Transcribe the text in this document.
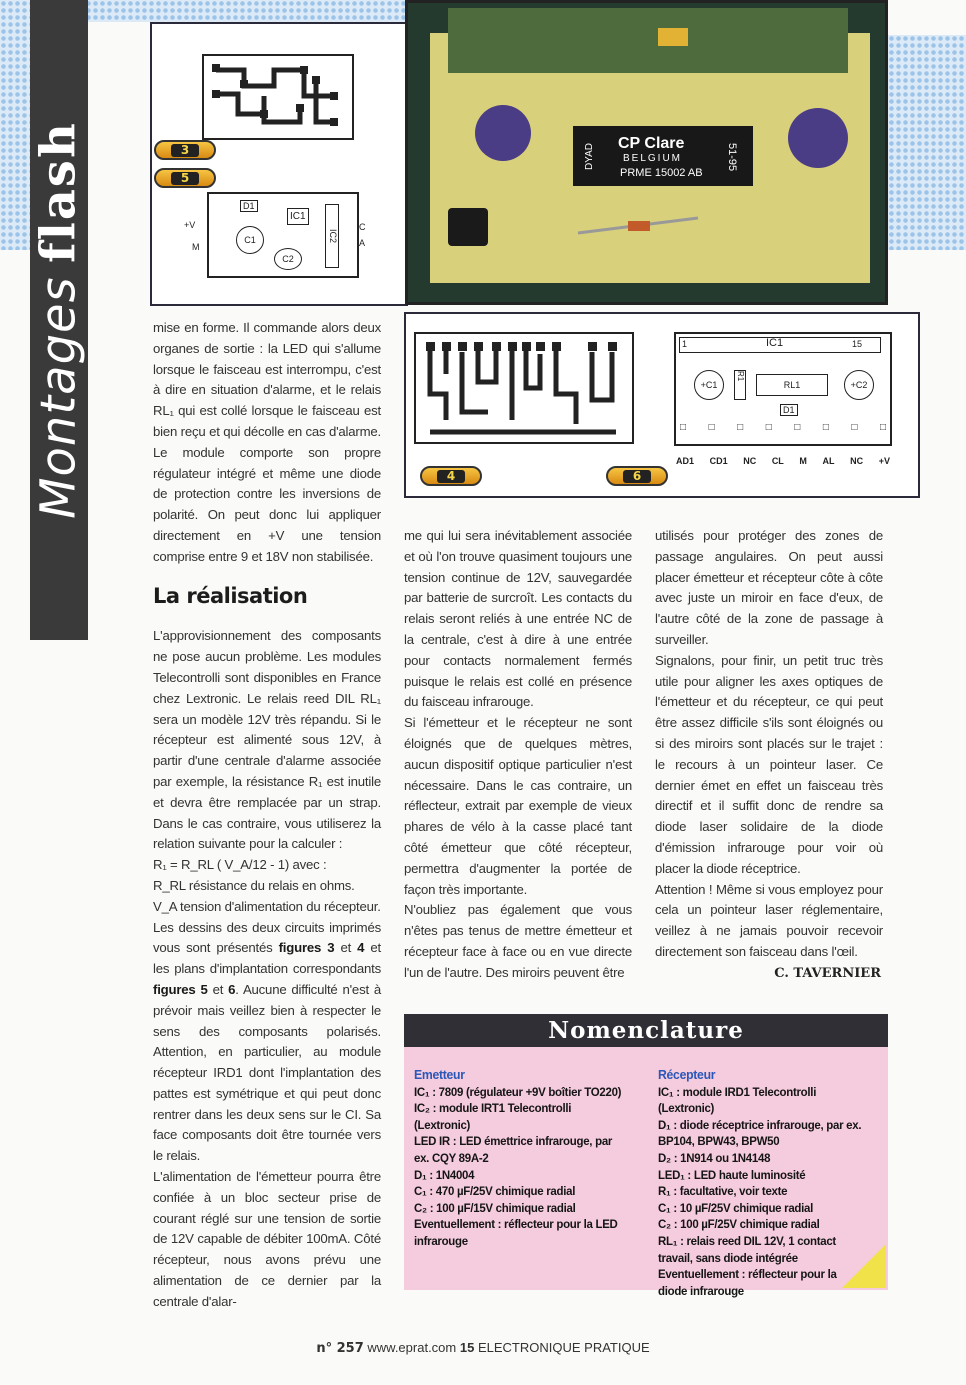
Montages flash	3
5
+V
M
C
A
D1
IC1
IC2
C1
C2
CP Clare
BELGIUM
PRME 15002 AB
51-95
DYAD
1	IC1	15
+C1
R1
RL1	+C2
D1
□ □ □ □ □ □ □ □
AD1 CD1 NC CL M AL NC +V
4	6

mise en forme. Il commande alors deux organes de sortie : la LED qui s'allume lorsque le faisceau est interrompu, c'est à dire en situation d'alarme, et le relais RL₁ qui est collé lorsque le faisceau est bien reçu et qui décolle en cas d'alarme. Le module comporte son propre régulateur intégré et même une diode de protection contre les inversions de polarité. On peut donc lui appliquer directement en +V une tension comprise entre 9 et 18V non stabilisée.

La réalisation

L'approvisionnement des composants ne pose aucun problème. Les modules Telecontrolli sont disponibles en France chez Lextronic. Le relais reed DIL RL₁ sera un modèle 12V très répandu. Si le récepteur est alimenté sous 12V, à partir d'une centrale d'alarme associée par exemple, la résistance R₁ est inutile et devra être remplacée par un strap. Dans le cas contraire, vous utiliserez la relation suivante pour la calculer :

R₁ = R_RL ( V_A/12 - 1) avec :

R_RL résistance du relais en ohms.

V_A tension d'alimentation du récepteur.

Les dessins des deux circuits imprimés vous sont présentés figures 3 et 4 et les plans d'implantation correspondants figures 5 et 6. Aucune difficulté n'est à prévoir mais veillez bien à respecter le sens des composants polarisés. Attention, en particulier, au module récepteur IRD1 dont l'implantation des pattes est symétrique et qui peut donc rentrer dans les deux sens sur le CI. Sa face composants doit être tournée vers le relais.

L'alimentation de l'émetteur pourra être confiée à un bloc secteur prise de courant réglé sur une tension de sortie de 12V capable de débiter 100mA. Côté récepteur, nous avons prévu une alimentation de ce dernier par la centrale d'alar-

me qui lui sera inévitablement associée et où l'on trouve quasiment toujours une tension continue de 12V, sauvegardée par batterie de surcroît. Les contacts du relais seront reliés à une entrée NC de la centrale, c'est à dire à une entrée pour contacts normalement fermés puisque le relais est collé en présence du faisceau infrarouge.

Si l'émetteur et le récepteur ne sont éloignés que de quelques mètres, aucun dispositif optique particulier n'est nécessaire. Dans le cas contraire, un réflecteur, extrait par exemple de vieux phares de vélo à la casse placé tant côté émetteur que côté récepteur, permettra d'augmenter la portée de façon très importante.

N'oubliez pas également que vous n'êtes pas tenus de mettre émetteur et récepteur face à face ou en vue directe l'un de l'autre. Des miroirs peuvent être

utilisés pour protéger des zones de passage angulaires. On peut aussi placer émetteur et récepteur côte à côte avec juste un miroir en face d'eux, de l'autre côté de la zone de passage à surveiller.

Signalons, pour finir, un petit truc très utile pour aligner les axes optiques de l'émetteur et du récepteur, ce qui peut être assez difficile s'ils sont éloignés ou si des miroirs sont placés sur le trajet : le recours à un pointeur laser. Ce dernier émet en effet un faisceau très directif et il suffit donc de rendre sa diode laser solidaire de la diode d'émission infrarouge pour voir où placer la diode réceptrice.

Attention ! Même si vous employez pour cela un pointeur laser réglementaire, veillez à ne jamais pouvoir recevoir directement son faisceau dans l'œil.

C. TAVERNIER
Nomenclature
Emetteur
IC₁ : 7809 (régulateur +9V boîtier TO220)
IC₂ : module IRT1 Telecontrolli (Lextronic)
LED IR : LED émettrice infrarouge, par ex. CQY 89A-2
D₁ : 1N4004
C₁ : 470 µF/25V chimique radial
C₂ : 100 µF/15V chimique radial
Eventuellement : réflecteur pour la LED infrarouge
Récepteur
IC₁ : module IRD1 Telecontrolli (Lextronic)
D₁ : diode réceptrice infrarouge, par ex. BP104, BPW43, BPW50
D₂ : 1N914 ou 1N4148
LED₁ : LED haute luminosité
R₁ : facultative, voir texte
C₁ : 10 µF/25V chimique radial
C₂ : 100 µF/25V chimique radial
RL₁ : relais reed DIL 12V, 1 contact travail, sans diode intégrée
Eventuellement : réflecteur pour la diode infrarouge
n° 257 www.eprat.com 15 ELECTRONIQUE PRATIQUE
